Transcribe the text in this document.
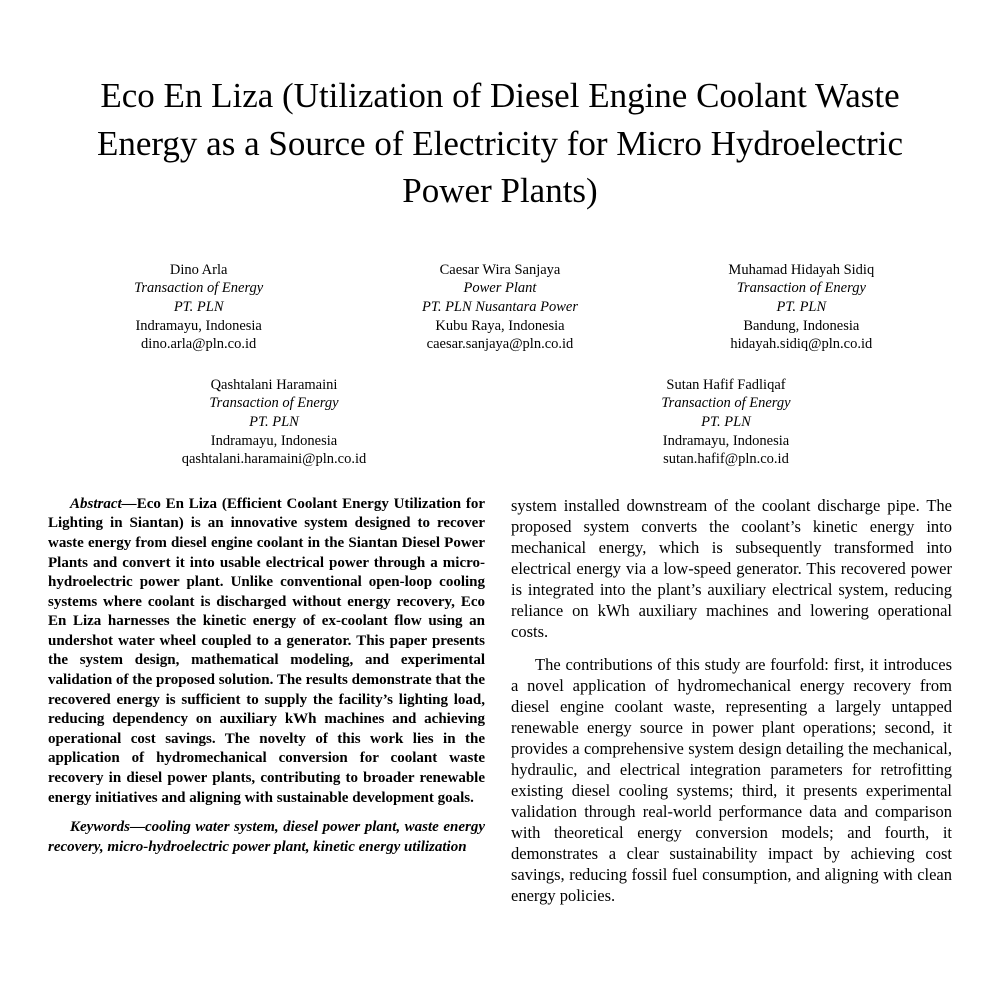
Eco En Liza (Utilization of Diesel Engine Coolant Waste Energy as a Source of Electricity for Micro Hydroelectric Power Plants)
Dino Arla
Transaction of Energy
PT. PLN
Indramayu, Indonesia
dino.arla@pln.co.id
Caesar Wira Sanjaya
Power Plant
PT. PLN Nusantara Power
Kubu Raya, Indonesia
caesar.sanjaya@pln.co.id
Muhamad Hidayah Sidiq
Transaction of Energy
PT. PLN
Bandung, Indonesia
hidayah.sidiq@pln.co.id
Qashtalani Haramaini
Transaction of Energy
PT. PLN
Indramayu, Indonesia
qashtalani.haramaini@pln.co.id
Sutan Hafif Fadliqaf
Transaction of Energy
PT. PLN
Indramayu, Indonesia
sutan.hafif@pln.co.id

Abstract—Eco En Liza (Efficient Coolant Energy Utilization for Lighting in Siantan) is an innovative system designed to recover waste energy from diesel engine coolant in the Siantan Diesel Power Plants and convert it into usable electrical power through a micro-hydroelectric power plant. Unlike conventional open-loop cooling systems where coolant is discharged without energy recovery, Eco En Liza harnesses the kinetic energy of ex-coolant flow using an undershot water wheel coupled to a generator. This paper presents the system design, mathematical modeling, and experimental validation of the proposed solution. The results demonstrate that the recovered energy is sufficient to supply the facility’s lighting load, reducing dependency on auxiliary kWh machines and achieving operational cost savings. The novelty of this work lies in the application of hydromechanical conversion for coolant waste recovery in diesel power plants, contributing to broader renewable energy initiatives and aligning with sustainable development goals.

Keywords—cooling water system, diesel power plant, waste energy recovery, micro-hydroelectric power plant, kinetic energy utilization

system installed downstream of the coolant discharge pipe. The proposed system converts the coolant’s kinetic energy into mechanical energy, which is subsequently transformed into electrical energy via a low-speed generator. This recovered power is integrated into the plant’s auxiliary electrical system, reducing reliance on kWh auxiliary machines and lowering operational costs.

The contributions of this study are fourfold: first, it introduces a novel application of hydromechanical energy recovery from diesel engine coolant waste, representing a largely untapped renewable energy source in power plant operations; second, it provides a comprehensive system design detailing the mechanical, hydraulic, and electrical integration parameters for retrofitting existing diesel cooling systems; third, it presents experimental validation through real-world performance data and comparison with theoretical energy conversion models; and fourth, it demonstrates a clear sustainability impact by achieving cost savings, reducing fossil fuel consumption, and aligning with clean energy policies.
